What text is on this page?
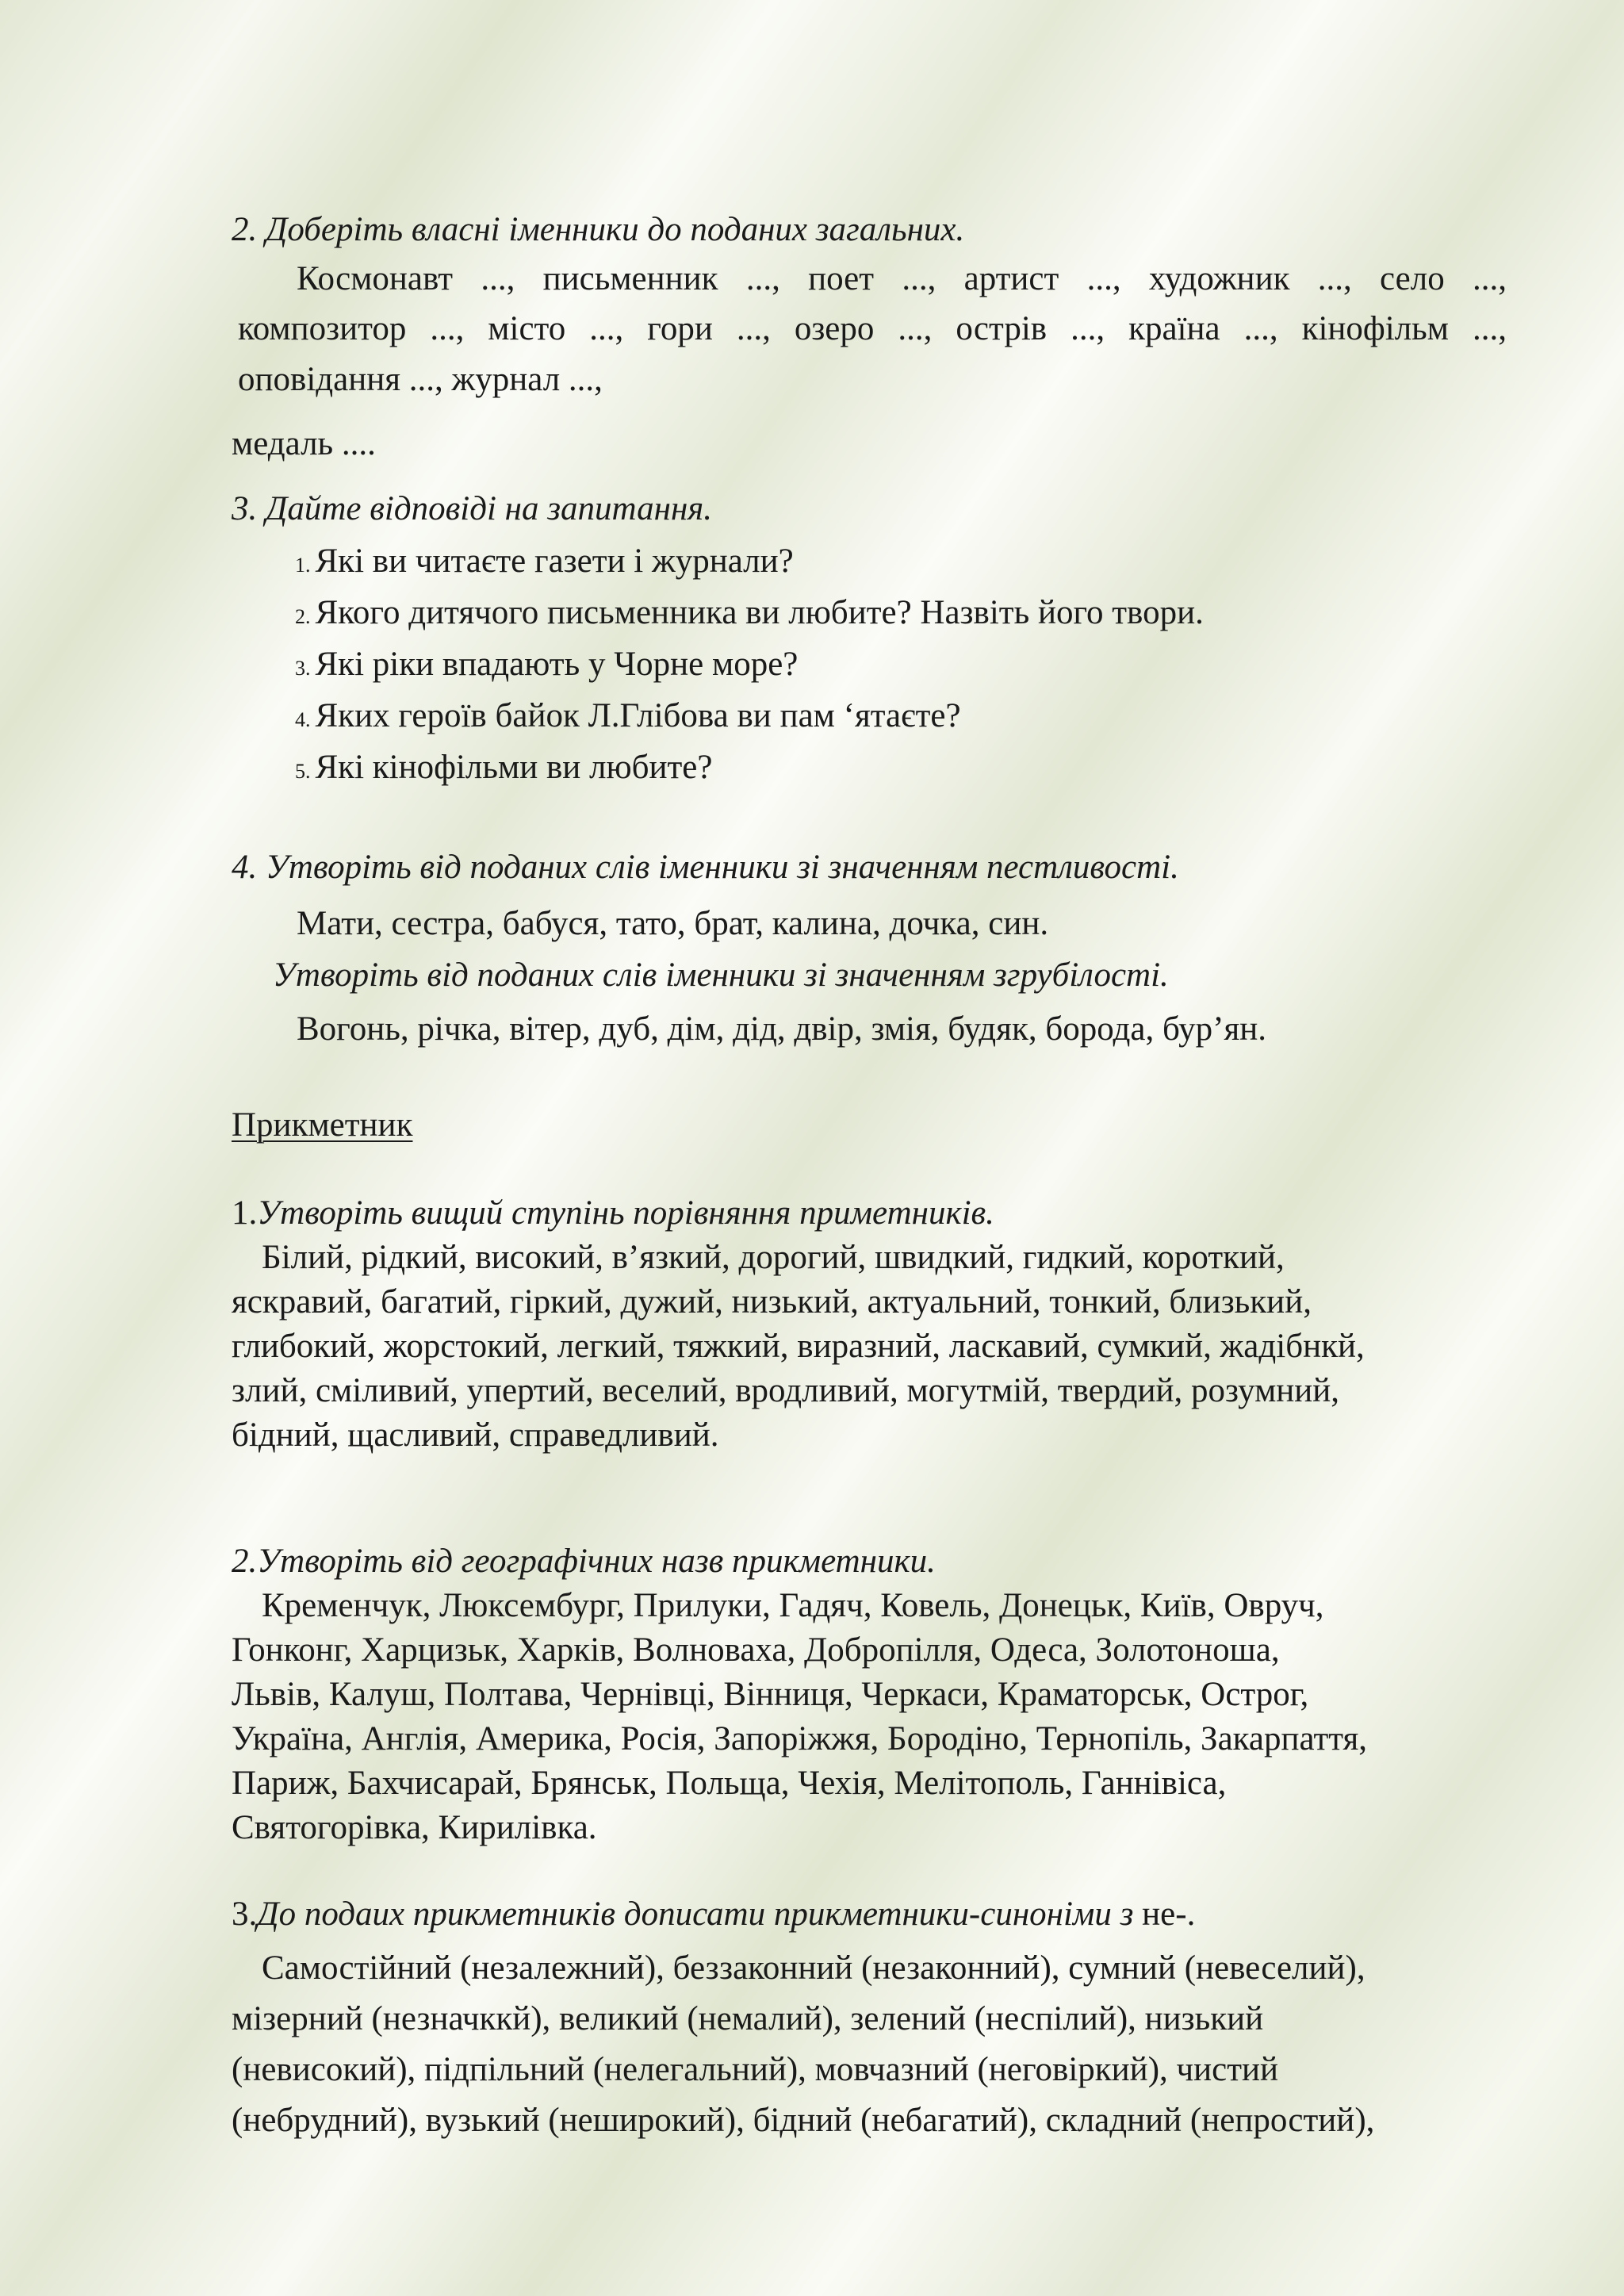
2. Доберіть власні іменники до поданих загальних.
Космонавт ..., письменник ..., поет ..., артист ..., художник ..., село ...,
композитор ..., місто ..., гори ..., озеро ..., острів ..., країна ..., кінофільм ...,
оповідання ..., журнал ...,
медаль ....
3. Дайте відповіді на запитання.
1. Які ви читаєте газети і журнали?
2. Якого дитячого письменника ви любите? Назвіть його твори.
3. Які ріки впадають у Чорне море?
4. Яких героїв байок Л.Глібова ви пам ‘ятаєте?
5. Які кінофільми ви любите?
4. Утворіть від поданих слів іменники зі значенням пестливості.
Мати, сестра, бабуся, тато, брат, калина, дочка, син.
Утворіть від поданих слів іменники зі значенням згрубілості.
Вогонь, річка, вітер, дуб, дім, дід, двір, змія, будяк, борода, бур’ян.
Прикметник
1.Утворіть вищий ступінь порівняння приметників.
Білий, рідкий, високий, в’язкий, дорогий, швидкий, гидкий, короткий,
яскравий, багатий, гіркий, дужий, низький, актуальний, тонкий, близький,
глибокий, жорстокий, легкий, тяжкий, виразний, ласкавий, сумкий, жадібнкй,
злий, сміливий, упертий, веселий, вродливий, могутмій, твердий, розумний,
бідний, щасливий, справедливий.
2.Утворіть від географічних назв прикметники.
Кременчук, Люксембург, Прилуки, Гадяч, Ковель, Донецьк, Київ, Овруч,
Гонконг, Харцизьк, Харків, Волноваха, Добропілля, Одеса, Золотоноша,
Львів, Калуш, Полтава, Чернівці, Вінниця, Черкаси, Краматорськ, Острог,
Україна, Англія, Америка, Росія, Запоріжжя, Бородіно, Тернопіль, Закарпаття,
Париж, Бахчисарай, Брянськ, Польща, Чехія, Мелітополь, Ганнівіса,
Святогорівка, Кирилівка.
3.До подаих прикметників дописати прикметники-синоніми з не-.
Самостійний (незалежний), беззаконний (незаконний), сумний (невеселий),
мізерний (незначккй), великий (немалий), зелений (неспілий), низький
(невисокий), підпільний (нелегальний), мовчазний (неговіркий), чистий
(небрудний), вузький (неширокий), бідний (небагатий), складний (непростий),
